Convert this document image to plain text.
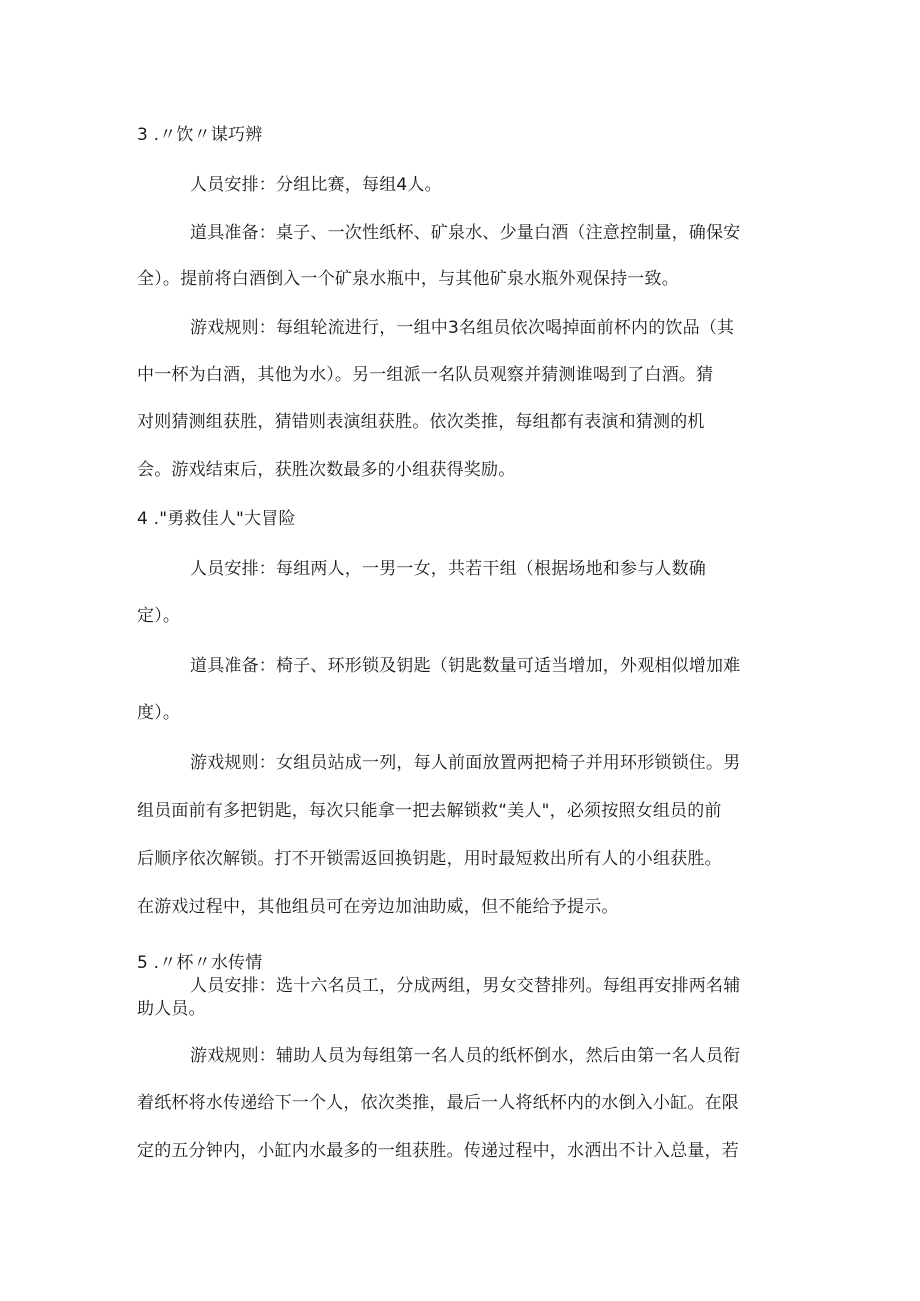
3 .〃饮〃谋巧辨
人员安排：分组比赛，每组4人。
道具准备：桌子、一次性纸杯、矿泉水、少量白酒（注意控制量，确保安
全）。提前将白酒倒入一个矿泉水瓶中，与其他矿泉水瓶外观保持一致。
游戏规则：每组轮流进行，一组中3名组员依次喝掉面前杯内的饮品（其
中一杯为白酒，其他为水）。另一组派一名队员观察并猜测谁喝到了白酒。猜
对则猜测组获胜，猜错则表演组获胜。依次类推，每组都有表演和猜测的机
会。游戏结束后，获胜次数最多的小组获得奖励。
4 ."勇救佳人"大冒险
人员安排：每组两人，一男一女，共若干组（根据场地和参与人数确
定）。
道具准备：椅子、环形锁及钥匙（钥匙数量可适当增加，外观相似增加难
度）。
游戏规则：女组员站成一列，每人前面放置两把椅子并用环形锁锁住。男
组员面前有多把钥匙，每次只能拿一把去解锁救“美人"，必须按照女组员的前
后顺序依次解锁。打不开锁需返回换钥匙，用时最短救出所有人的小组获胜。
在游戏过程中，其他组员可在旁边加油助威，但不能给予提示。
5 .〃杯〃水传情
人员安排：选十六名员工，分成两组，男女交替排列。每组再安排两名辅
助人员。
游戏规则：辅助人员为每组第一名人员的纸杯倒水，然后由第一名人员衔
着纸杯将水传递给下一个人，依次类推，最后一人将纸杯内的水倒入小缸。在限
定的五分钟内，小缸内水最多的一组获胜。传递过程中，水洒出不计入总量，若
